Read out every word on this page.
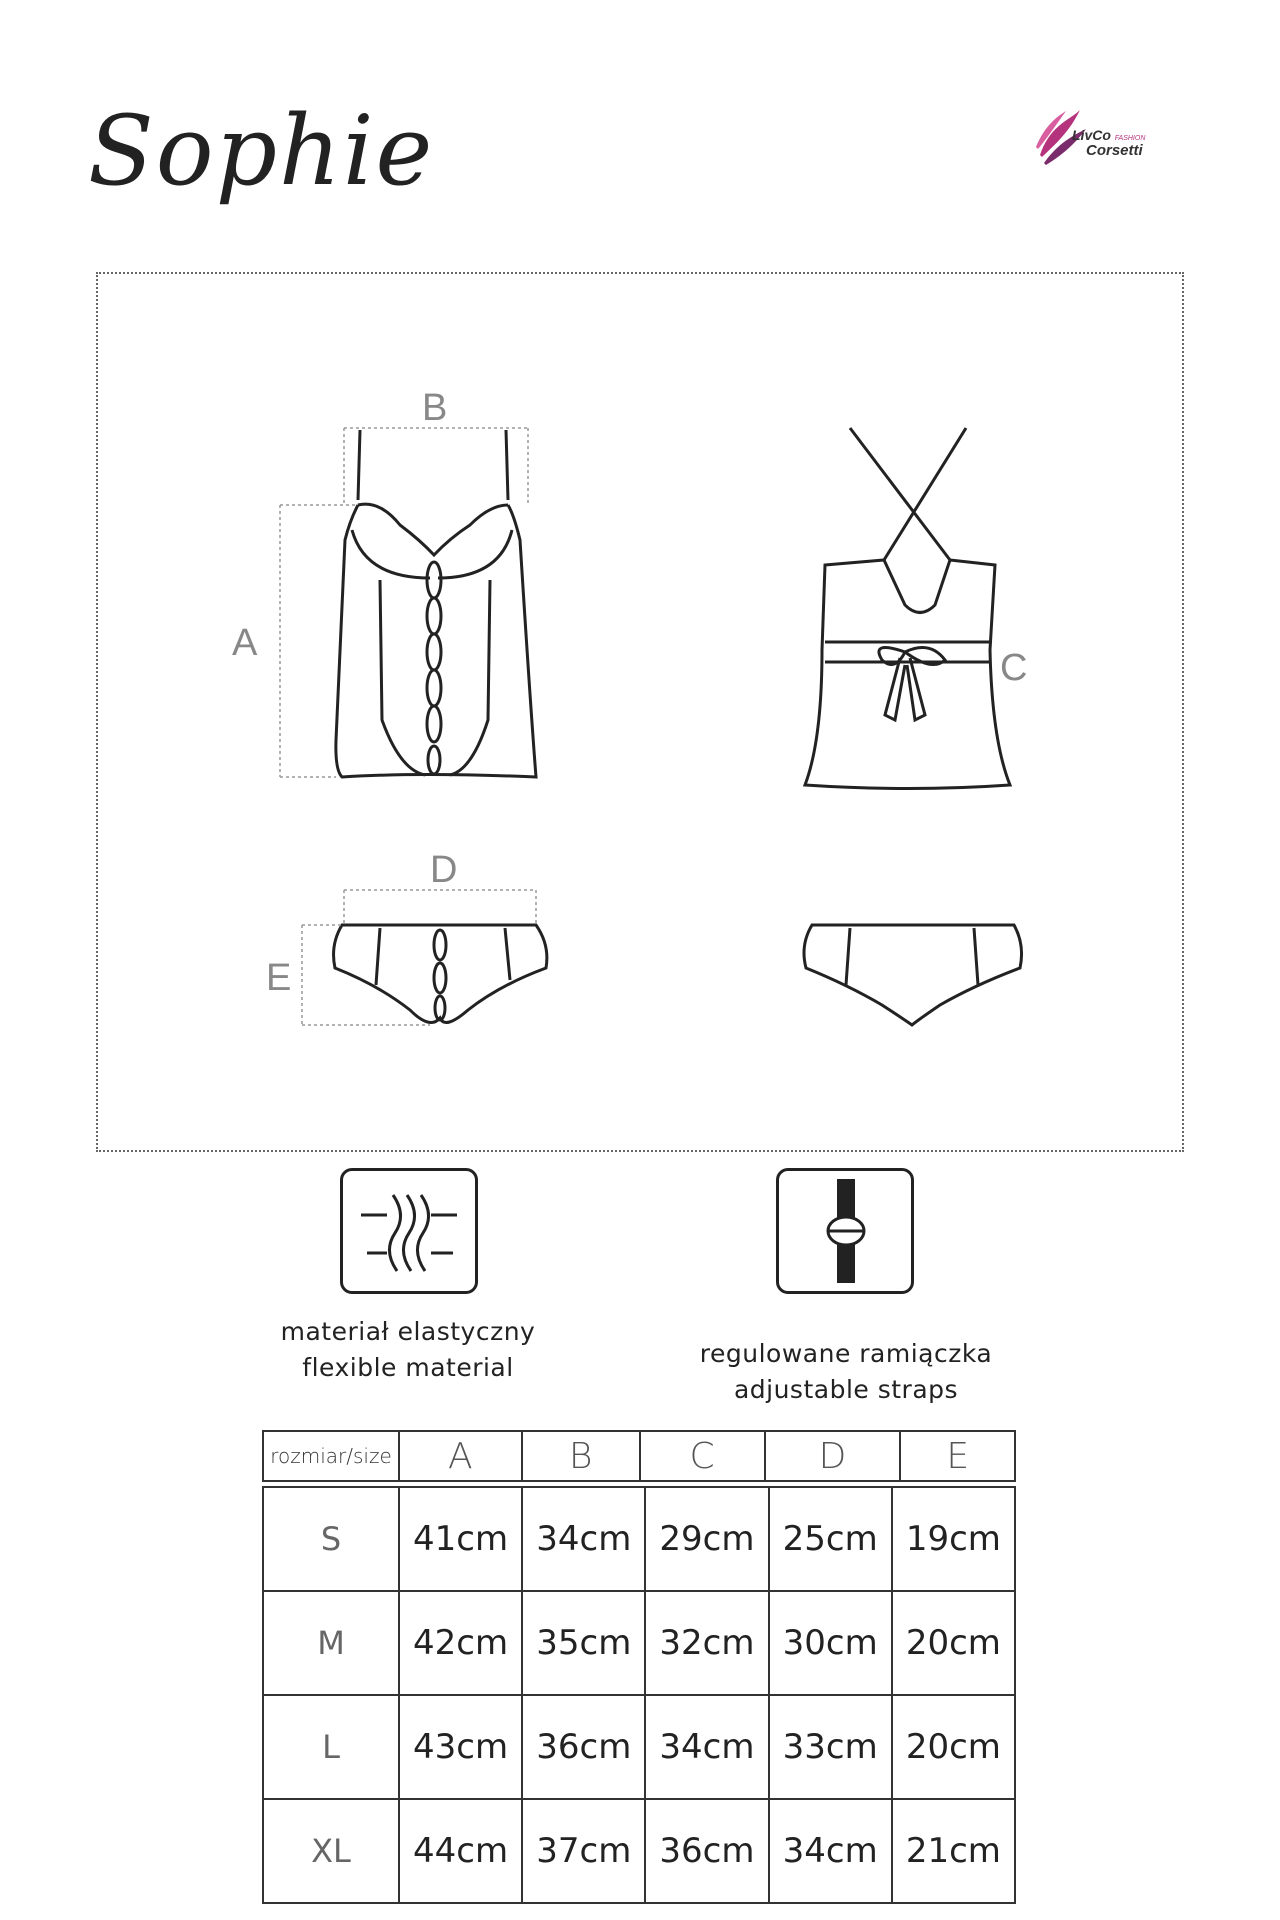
Sophie	LivCo FASHION
Corsetti
B
A
C
D
E
materiał elastyczny
flexible material	regulowane ramiączka
adjustable straps
rozmiar/size	A	B	C	D	E
S	41cm	34cm	29cm	25cm	19cm
M	42cm	35cm	32cm	30cm	20cm
L	43cm	36cm	34cm	33cm	20cm
XL	44cm	37cm	36cm	34cm	21cm
